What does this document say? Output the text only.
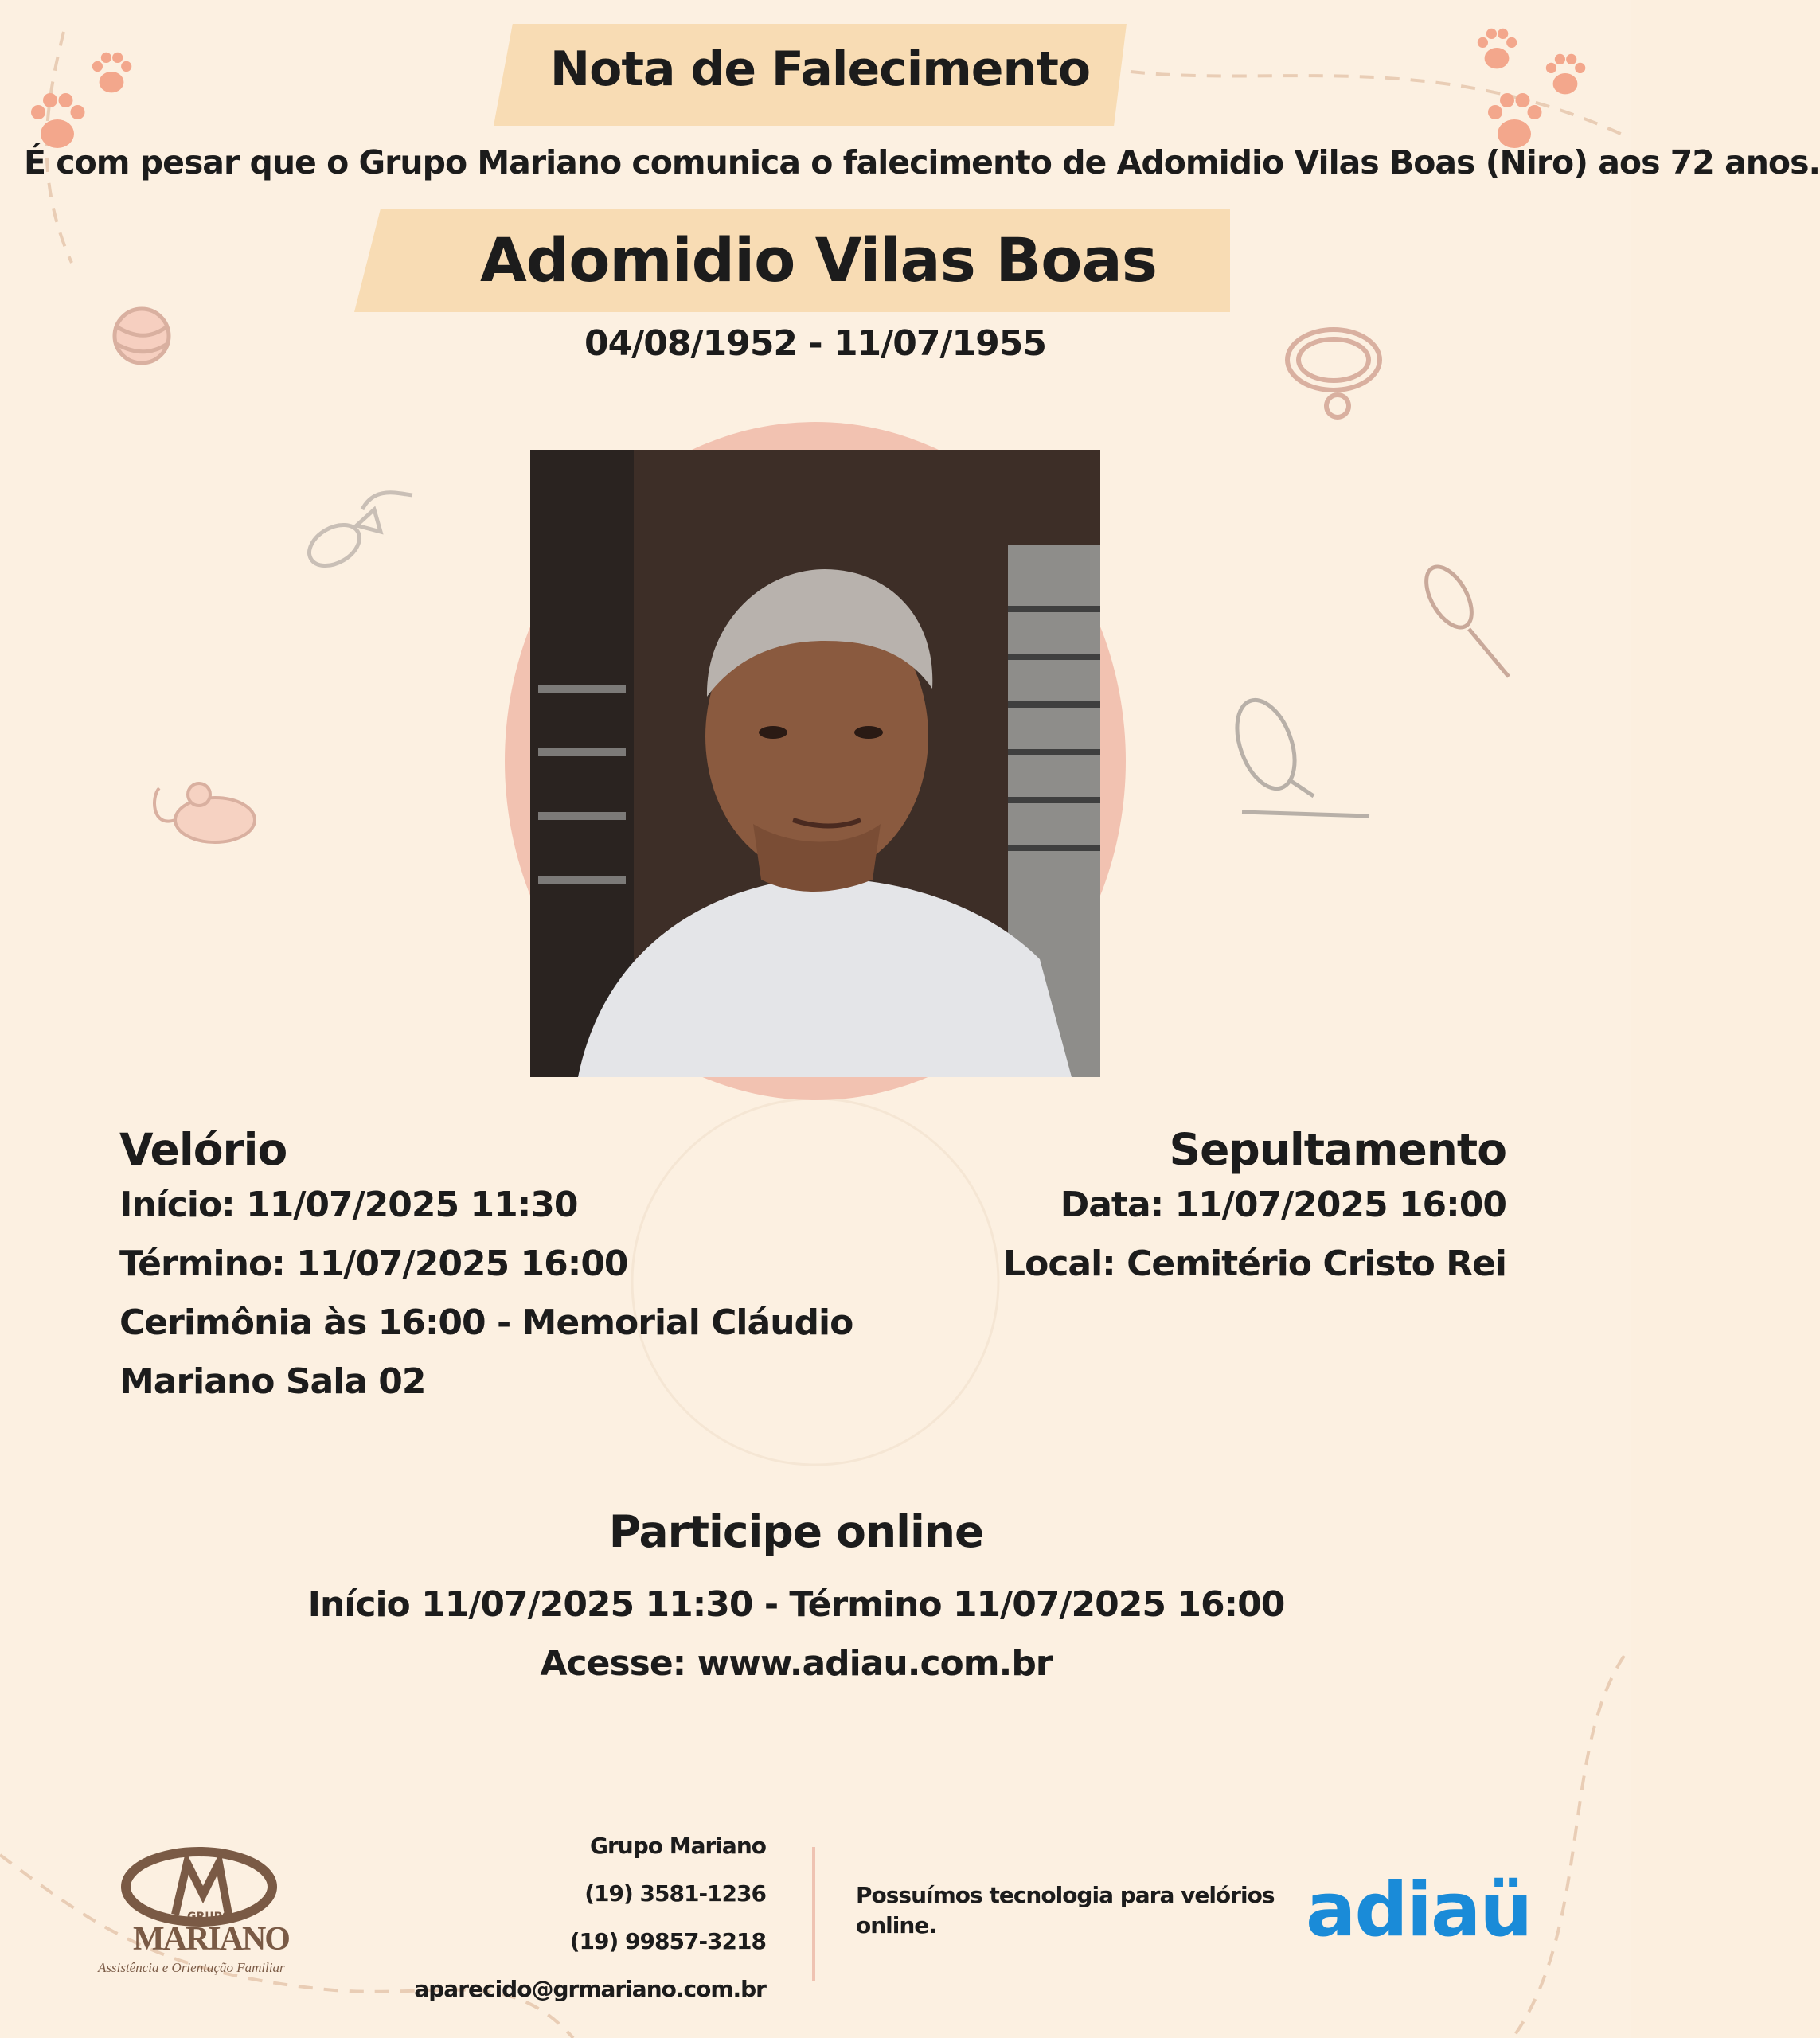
Nota de Falecimento
É com pesar que o Grupo Mariano comunica o falecimento de Adomidio Vilas Boas (Niro) aos 72 anos.
Adomidio Vilas Boas
04/08/1952 - 11/07/1955
Velório
Início: 11/07/2025 11:30
Término: 11/07/2025 16:00
Cerimônia às 16:00 - Memorial Cláudio
Mariano Sala 02
Sepultamento
Data: 11/07/2025 16:00
Local: Cemitério Cristo Rei
Participe online
Início 11/07/2025 11:30 - Término 11/07/2025 16:00
Acesse: www.adiau.com.br
GRUPO
MARIANO
Assistência e Orientação Familiar
Grupo Mariano
(19) 3581-1236
(19) 99857-3218
aparecido@grmariano.com.br
Possuímos tecnologia para velórios
online.	adiaü
